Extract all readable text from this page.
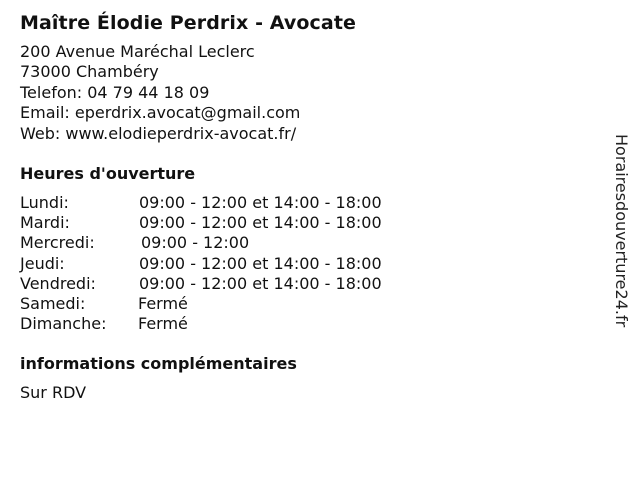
Maître Élodie Perdrix - Avocate
200 Avenue Maréchal Leclerc
73000 Chambéry
Telefon: 04 79 44 18 09
Email: eperdrix.avocat@gmail.com
Web: www.elodieperdrix-avocat.fr/
Heures d'ouverture
Lundi:	09:00 - 12:00 et 14:00 - 18:00
Mardi:	09:00 - 12:00 et 14:00 - 18:00
Mercredi:	09:00 - 12:00
Jeudi:	09:00 - 12:00 et 14:00 - 18:00
Vendredi:	09:00 - 12:00 et 14:00 - 18:00
Samedi:	Fermé
Dimanche:	Fermé
informations complémentaires
Sur RDV
Horairesdouverture24.fr
